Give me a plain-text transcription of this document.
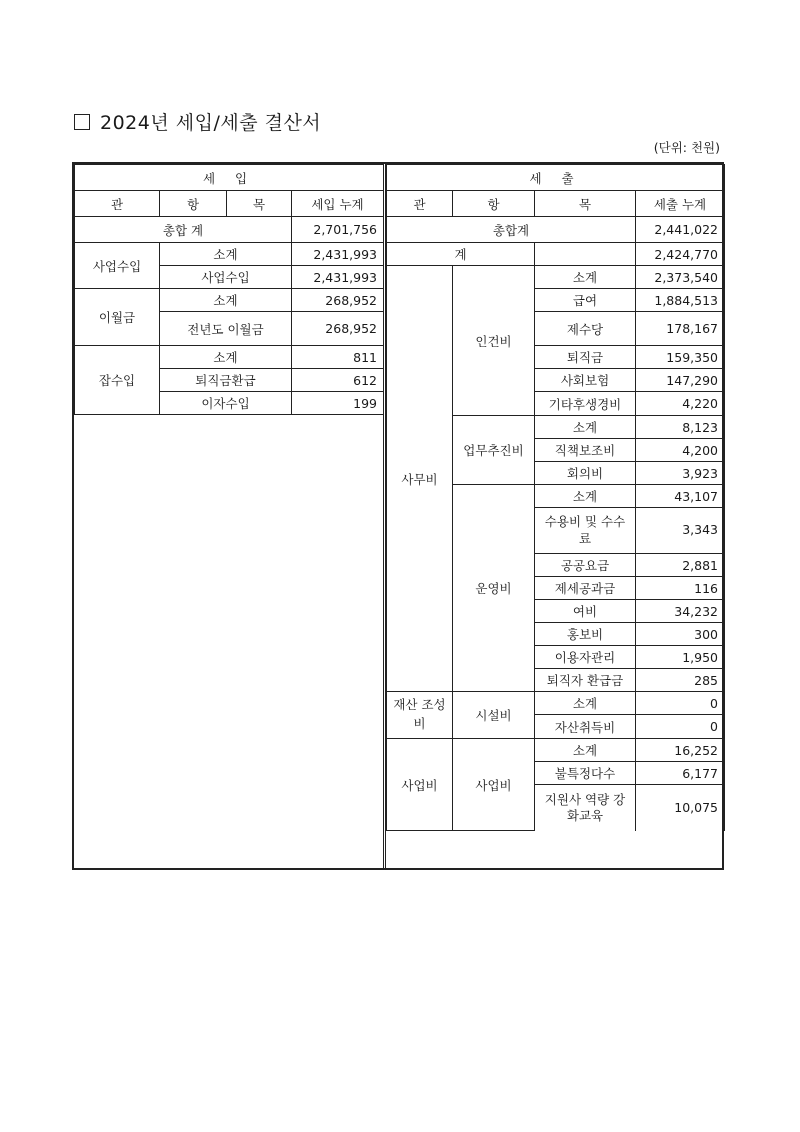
2024년 세입/세출 결산서
(단위: 천원)
세 입			
관	항	목	세입 누계
총합 계			2,701,756
사업수입	소계		2,431,993
	사업수입		2,431,993
이월금	소계		268,952
	전년도 이월금		268,952
잡수입	소계		811
	퇴직금환급		612
	이자수입		199
세 출			
관	항	목	세출 누계
총합계			2,441,022
계			2,424,770
사무비	인건비	소계	2,373,540
		급여	1,884,513
		제수당	178,167
		퇴직금	159,350
		사회보험	147,290
		기타후생경비	4,220
	업무추진비	소계	8,123
		직책보조비	4,200
		회의비	3,923
	운영비	소계	43,107
		수용비 및 수수료	3,343
		공공요금	2,881
		제세공과금	116
		여비	34,232
		홍보비	300
		이용자관리	1,950
		퇴직자 환급금	285
재산 조성비	시설비	소계	0
		자산취득비	0
사업비	사업비	소계	16,252
		불특정다수	6,177
		지원사 역량 강화교육	10,075
